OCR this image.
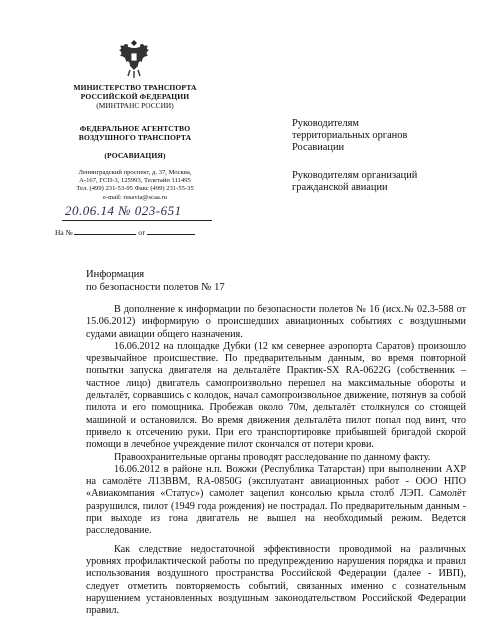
МИНИСТЕРСТВО ТРАНСПОРТА
РОССИЙСКОЙ ФЕДЕРАЦИИ
(МИНТРАНС РОССИИ)
ФЕДЕРАЛЬНОЕ АГЕНТСТВО
ВОЗДУШНОГО ТРАНСПОРТА
(РОСАВИАЦИЯ)
Ленинградский проспект, д. 37, Москва,
А-167, ГСП-3, 125993, Телетайп 111495
Тел. (499) 231-53-95 Факс (499) 231-55-35
e-mail: rusavia@scaa.ru
20.06.14 № 023-651
На №	от
Руководителям
территориальных органов
Росавиации
Руководителям организаций
гражданской авиации
Информация
по безопасности полетов № 17

В дополнение к информации по безопасности полетов № 16 (исх.№ 02.3-588 от 15.06.2012) информирую о происшедших авиационных событиях с воздушными судами авиации общего назначения.

16.06.2012 на площадке Дубки (12 км севернее аэропорта Саратов) произошло чрезвычайное происшествие. По предварительным данным, во время повторной попытки запуска двигателя на дельталёте Практик-SX RA-0622G (собственник – частное лицо) двигатель самопроизвольно перешел на максимальные обороты и дельталёт, сорвавшись с колодок, начал самопроизвольное движение, потянув за собой пилота и его помощника. Пробежав около 70м, дельталёт столкнулся со стоящей машиной и остановился. Во время движения дельталёта пилот попал под винт, что привело к отсечению руки. При его транспортировке прибывшей бригадой скорой помощи в лечебное учреждение пилот скончался от потери крови.

Правоохранительные органы проводят расследование по данному факту.

16.06.2012 в районе н.п. Вожжи (Республика Татарстан) при выполнении АХР на самолёте Л13ВВМ, RA-0850G (эксплуатант авиационных работ - ООО НПО «Авиакомпания «Статус») самолет зацепил консолью крыла столб ЛЭП. Самолёт разрушился, пилот (1949 года рождения) не пострадал. По предварительным данным - при выходе из гона двигатель не вышел на необходимый режим. Ведется расследование.

Как следствие недостаточной эффективности проводимой на различных уровнях профилактической работы по предупреждению нарушения порядка и правил использования воздушного пространства Российской Федерации (далее - ИВП), следует отметить повторяемость событий, связанных именно с сознательным нарушением установленных воздушным законодательством Российской Федерации правил.
